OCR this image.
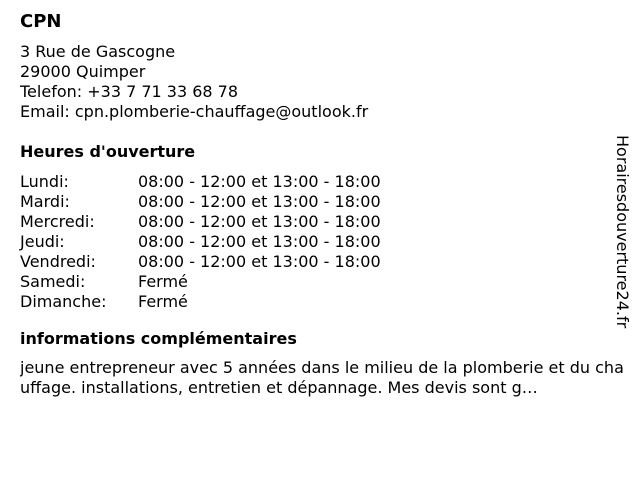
CPN
3 Rue de Gascogne
29000 Quimper
Telefon: +33 7 71 33 68 78
Email: cpn.plomberie-chauffage@outlook.fr
Heures d'ouverture
Lundi:	08:00 - 12:00 et 13:00 - 18:00
Mardi:	08:00 - 12:00 et 13:00 - 18:00
Mercredi:	08:00 - 12:00 et 13:00 - 18:00
Jeudi:	08:00 - 12:00 et 13:00 - 18:00
Vendredi:	08:00 - 12:00 et 13:00 - 18:00
Samedi:	Fermé
Dimanche:	Fermé
informations complémentaires
jeune entrepreneur avec 5 années dans le milieu de la plomberie et du chauffage. installations, entretien et dépannage. Mes devis sont g…
Horairesdouverture24.fr
